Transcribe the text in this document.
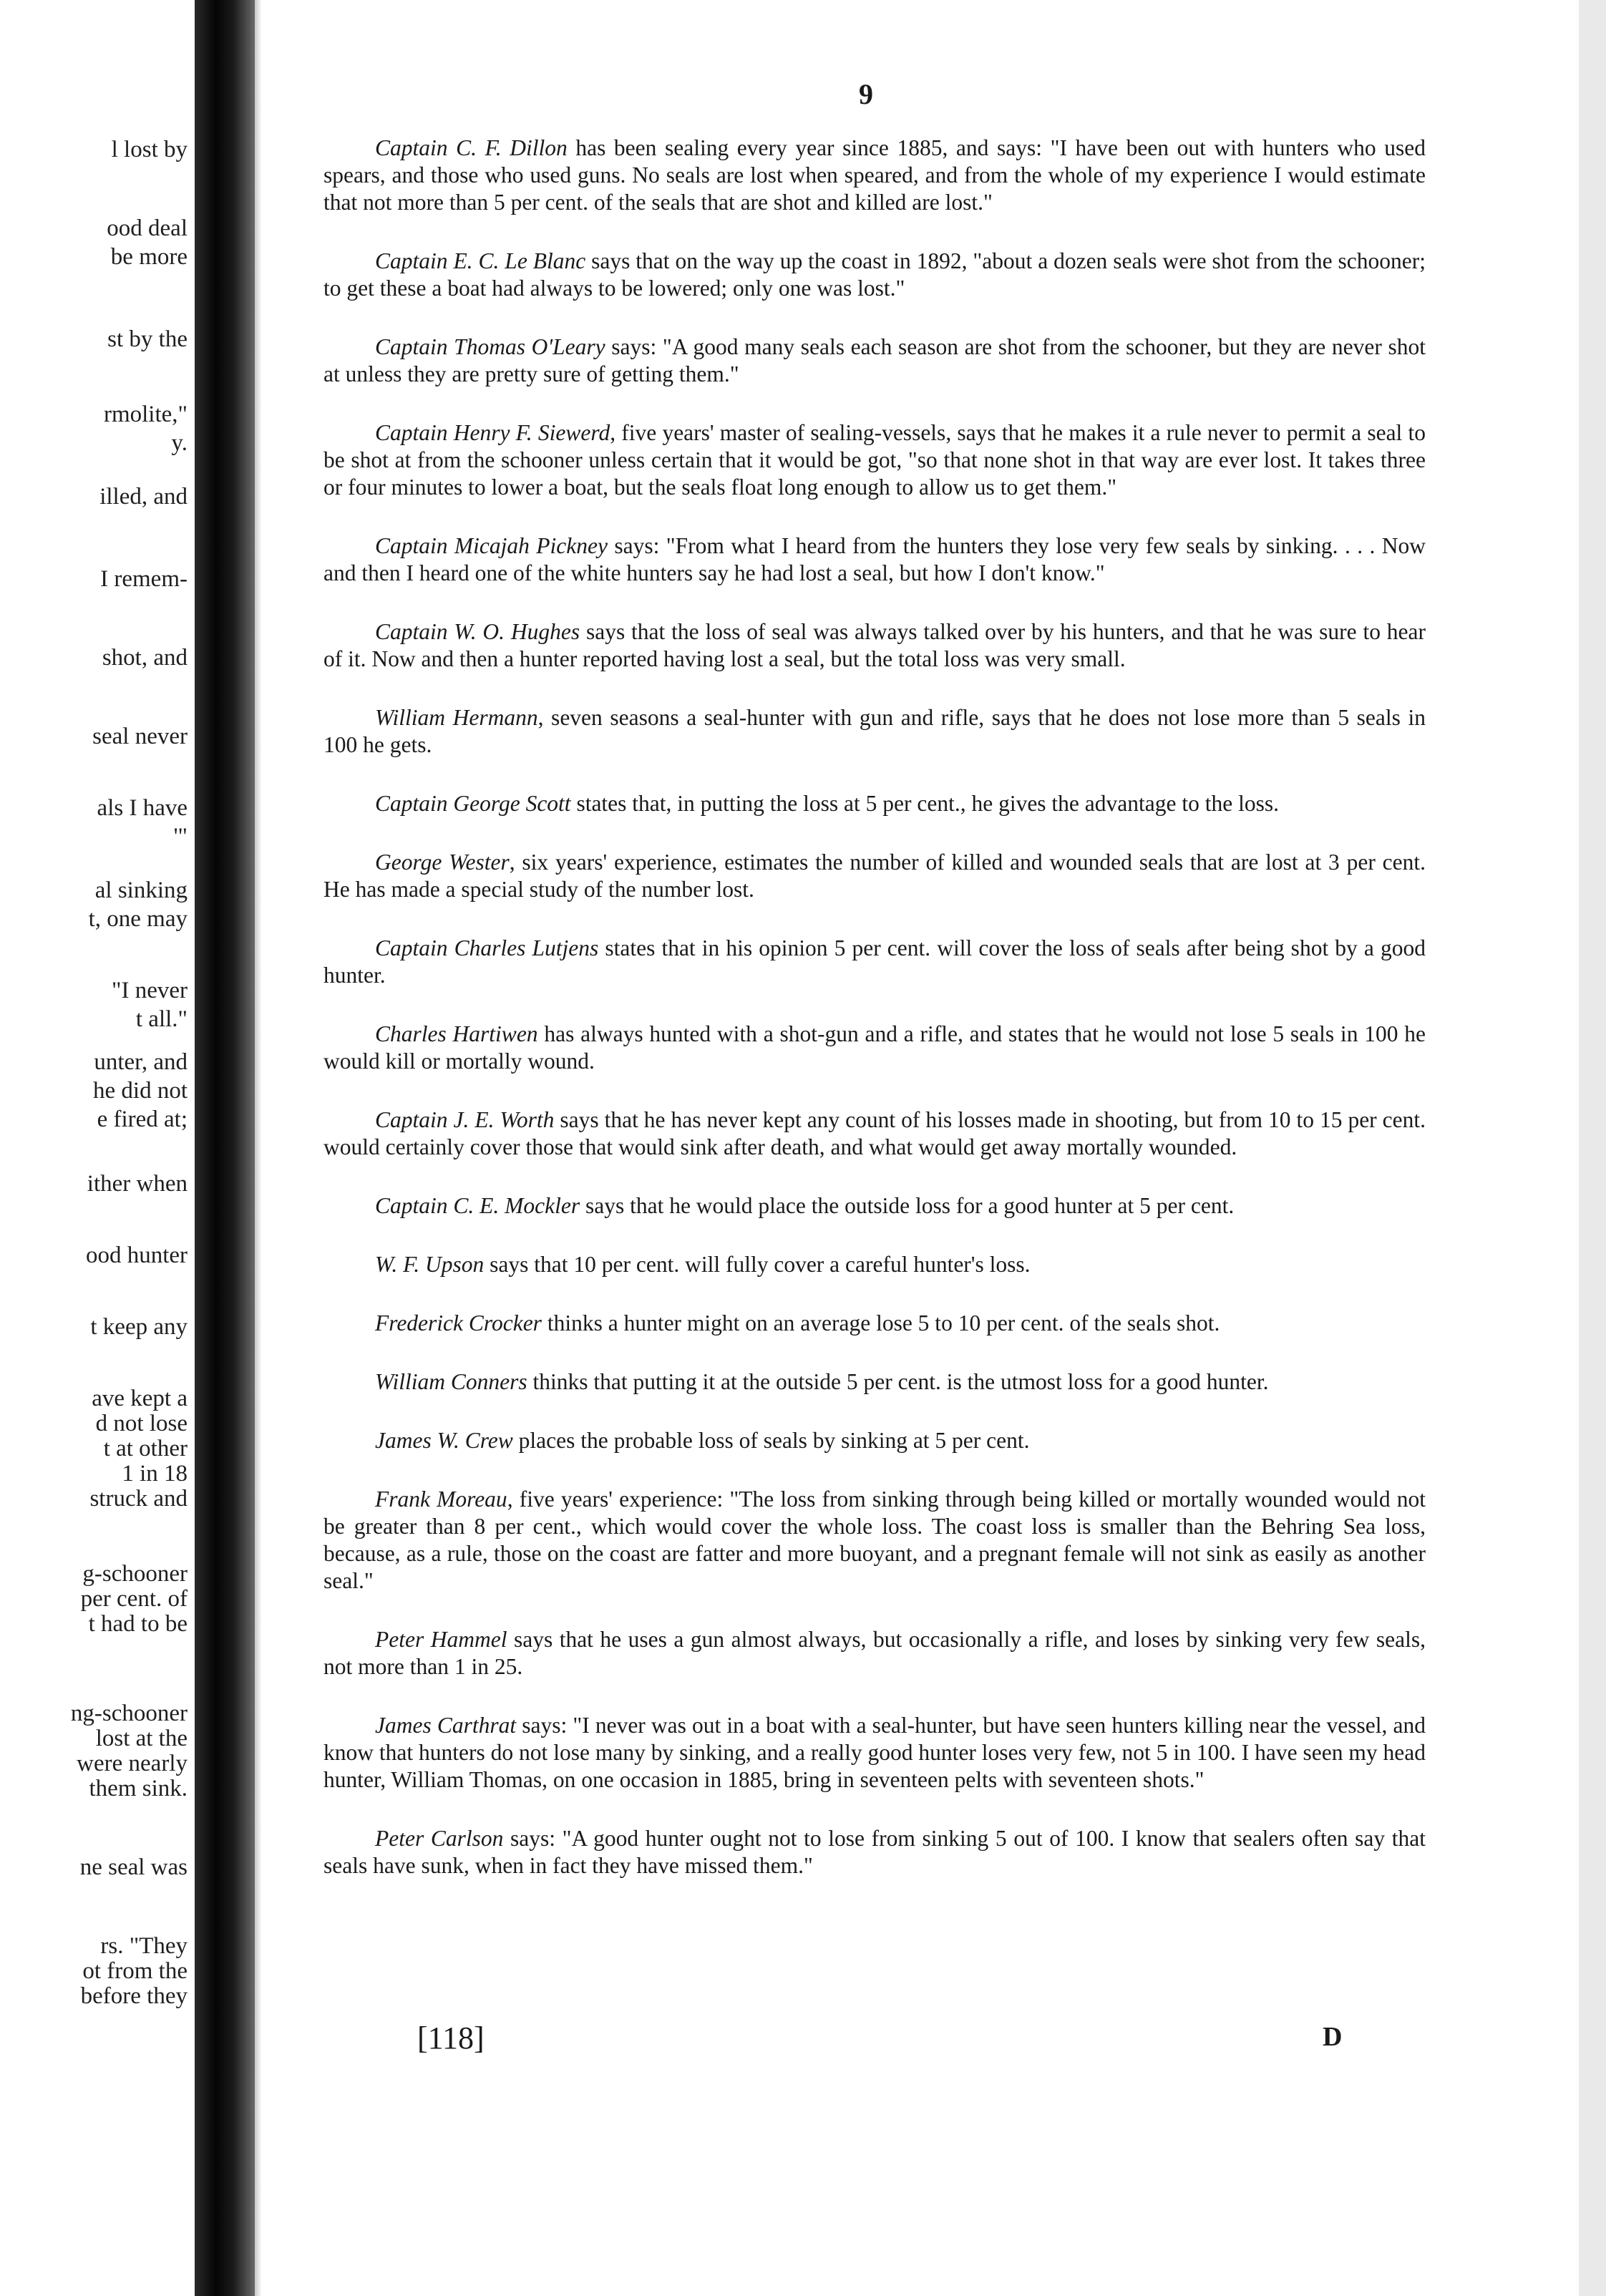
l lost by
ood deal
be more
st by the
rmolite,"
y.
illed, and
I remem-
shot, and
seal never
als I have
'"
al sinking
t, one may
"I never
t all."
unter, and
he did not
e fired at;
ither when
ood hunter
t keep any
ave kept a
d not lose
t at other
1 in 18
struck and
g-schooner
per cent. of
t had to be
ng-schooner
lost at the
were nearly
them sink.
ne seal was
rs. "They
ot from the
before they
9

Captain C. F. Dillon has been sealing every year since 1885, and says: "I have been out with hunters who used spears, and those who used guns. No seals are lost when speared, and from the whole of my experience I would estimate that not more than 5 per cent. of the seals that are shot and killed are lost."

Captain E. C. Le Blanc says that on the way up the coast in 1892, "about a dozen seals were shot from the schooner; to get these a boat had always to be lowered; only one was lost."

Captain Thomas O'Leary says: "A good many seals each season are shot from the schooner, but they are never shot at unless they are pretty sure of getting them."

Captain Henry F. Siewerd, five years' master of sealing-vessels, says that he makes it a rule never to permit a seal to be shot at from the schooner unless certain that it would be got, "so that none shot in that way are ever lost. It takes three or four minutes to lower a boat, but the seals float long enough to allow us to get them."

Captain Micajah Pickney says: "From what I heard from the hunters they lose very few seals by sinking. . . . Now and then I heard one of the white hunters say he had lost a seal, but how I don't know."

Captain W. O. Hughes says that the loss of seal was always talked over by his hunters, and that he was sure to hear of it. Now and then a hunter reported having lost a seal, but the total loss was very small.

William Hermann, seven seasons a seal-hunter with gun and rifle, says that he does not lose more than 5 seals in 100 he gets.

Captain George Scott states that, in putting the loss at 5 per cent., he gives the advantage to the loss.

George Wester, six years' experience, estimates the number of killed and wounded seals that are lost at 3 per cent. He has made a special study of the number lost.

Captain Charles Lutjens states that in his opinion 5 per cent. will cover the loss of seals after being shot by a good hunter.

Charles Hartiwen has always hunted with a shot-gun and a rifle, and states that he would not lose 5 seals in 100 he would kill or mortally wound.

Captain J. E. Worth says that he has never kept any count of his losses made in shooting, but from 10 to 15 per cent. would certainly cover those that would sink after death, and what would get away mortally wounded.

Captain C. E. Mockler says that he would place the outside loss for a good hunter at 5 per cent.

W. F. Upson says that 10 per cent. will fully cover a careful hunter's loss.

Frederick Crocker thinks a hunter might on an average lose 5 to 10 per cent. of the seals shot.

William Conners thinks that putting it at the outside 5 per cent. is the utmost loss for a good hunter.

James W. Crew places the probable loss of seals by sinking at 5 per cent.

Frank Moreau, five years' experience: "The loss from sinking through being killed or mortally wounded would not be greater than 8 per cent., which would cover the whole loss. The coast loss is smaller than the Behring Sea loss, because, as a rule, those on the coast are fatter and more buoyant, and a pregnant female will not sink as easily as another seal."

Peter Hammel says that he uses a gun almost always, but occasionally a rifle, and loses by sinking very few seals, not more than 1 in 25.

James Carthrat says: "I never was out in a boat with a seal-hunter, but have seen hunters killing near the vessel, and know that hunters do not lose many by sinking, and a really good hunter loses very few, not 5 in 100. I have seen my head hunter, William Thomas, on one occasion in 1885, bring in seventeen pelts with seventeen shots."

Peter Carlson says: "A good hunter ought not to lose from sinking 5 out of 100. I know that sealers often say that seals have sunk, when in fact they have missed them."

[118]	D
